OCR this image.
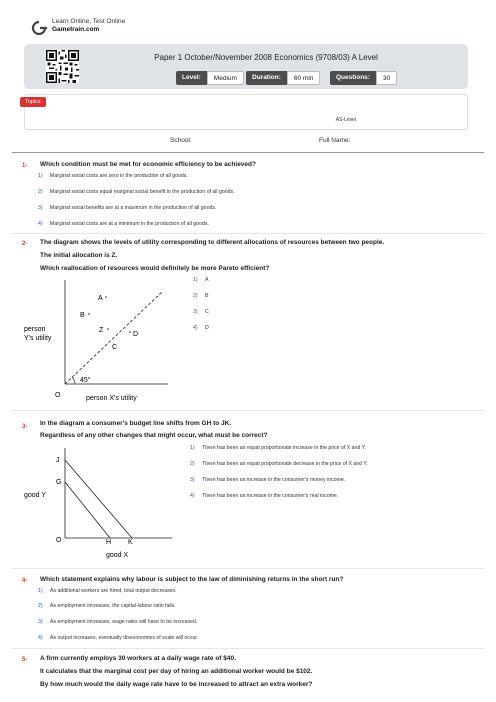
Learn Online, Test Online
Gametrain.com
Paper 1 October/November 2008 Economics (9708/03) A Level
Level:	Medium	Duration:	60 min	Questions:	30
Topics
AS-Level
School:	Full Name:
1- Which condition must be met for economic efficiency to be achieved?
1) Marginal social costs are zero in the production of all goods.
2) Marginal social costs equal marginal social benefit in the production of all goods.
3) Marginal social benefits are at a maximum in the production of all goods.
4) Marginal social costs are at a minimum in the production of all goods.
2- The diagram shows the levels of utility corresponding to different allocations of resources between two people.
The initial allocation is Z.
Which reallocation of resources would definitely be more Pareto efficient?
A
B
Z
D
C
person
Y's utility
45°
O	person X's utility
1) A
2) B
3) C
4) D
3- In the diagram a consumer's budget line shifts from GH to JK.
Regardless of any other changes that might occur, what must be correct?
J
G
good Y
O	H K
good X
1) There has been an equal proportionate increase in the price of X and Y.
2) There has been an equal proportionate decrease in the price of X and Y.
3) There has been an increase in the consumer's money income.
4) There has been an increase in the consumer's real income.
4- Which statement explains why labour is subject to the law of diminishing returns in the short run?
1) As additional workers are hired, total output decreases.
2) As employment increases, the capital-labour ratio falls.
3) As employment increases, wage rates will have to be increased.
4) As output increases, eventually diseconomies of scale will occur.
5- A firm currently employs 30 workers at a daily wage rate of $40.
It calculates that the marginal cost per day of hiring an additional worker would be $102.
By how much would the daily wage rate have to be increased to attract an extra worker?
